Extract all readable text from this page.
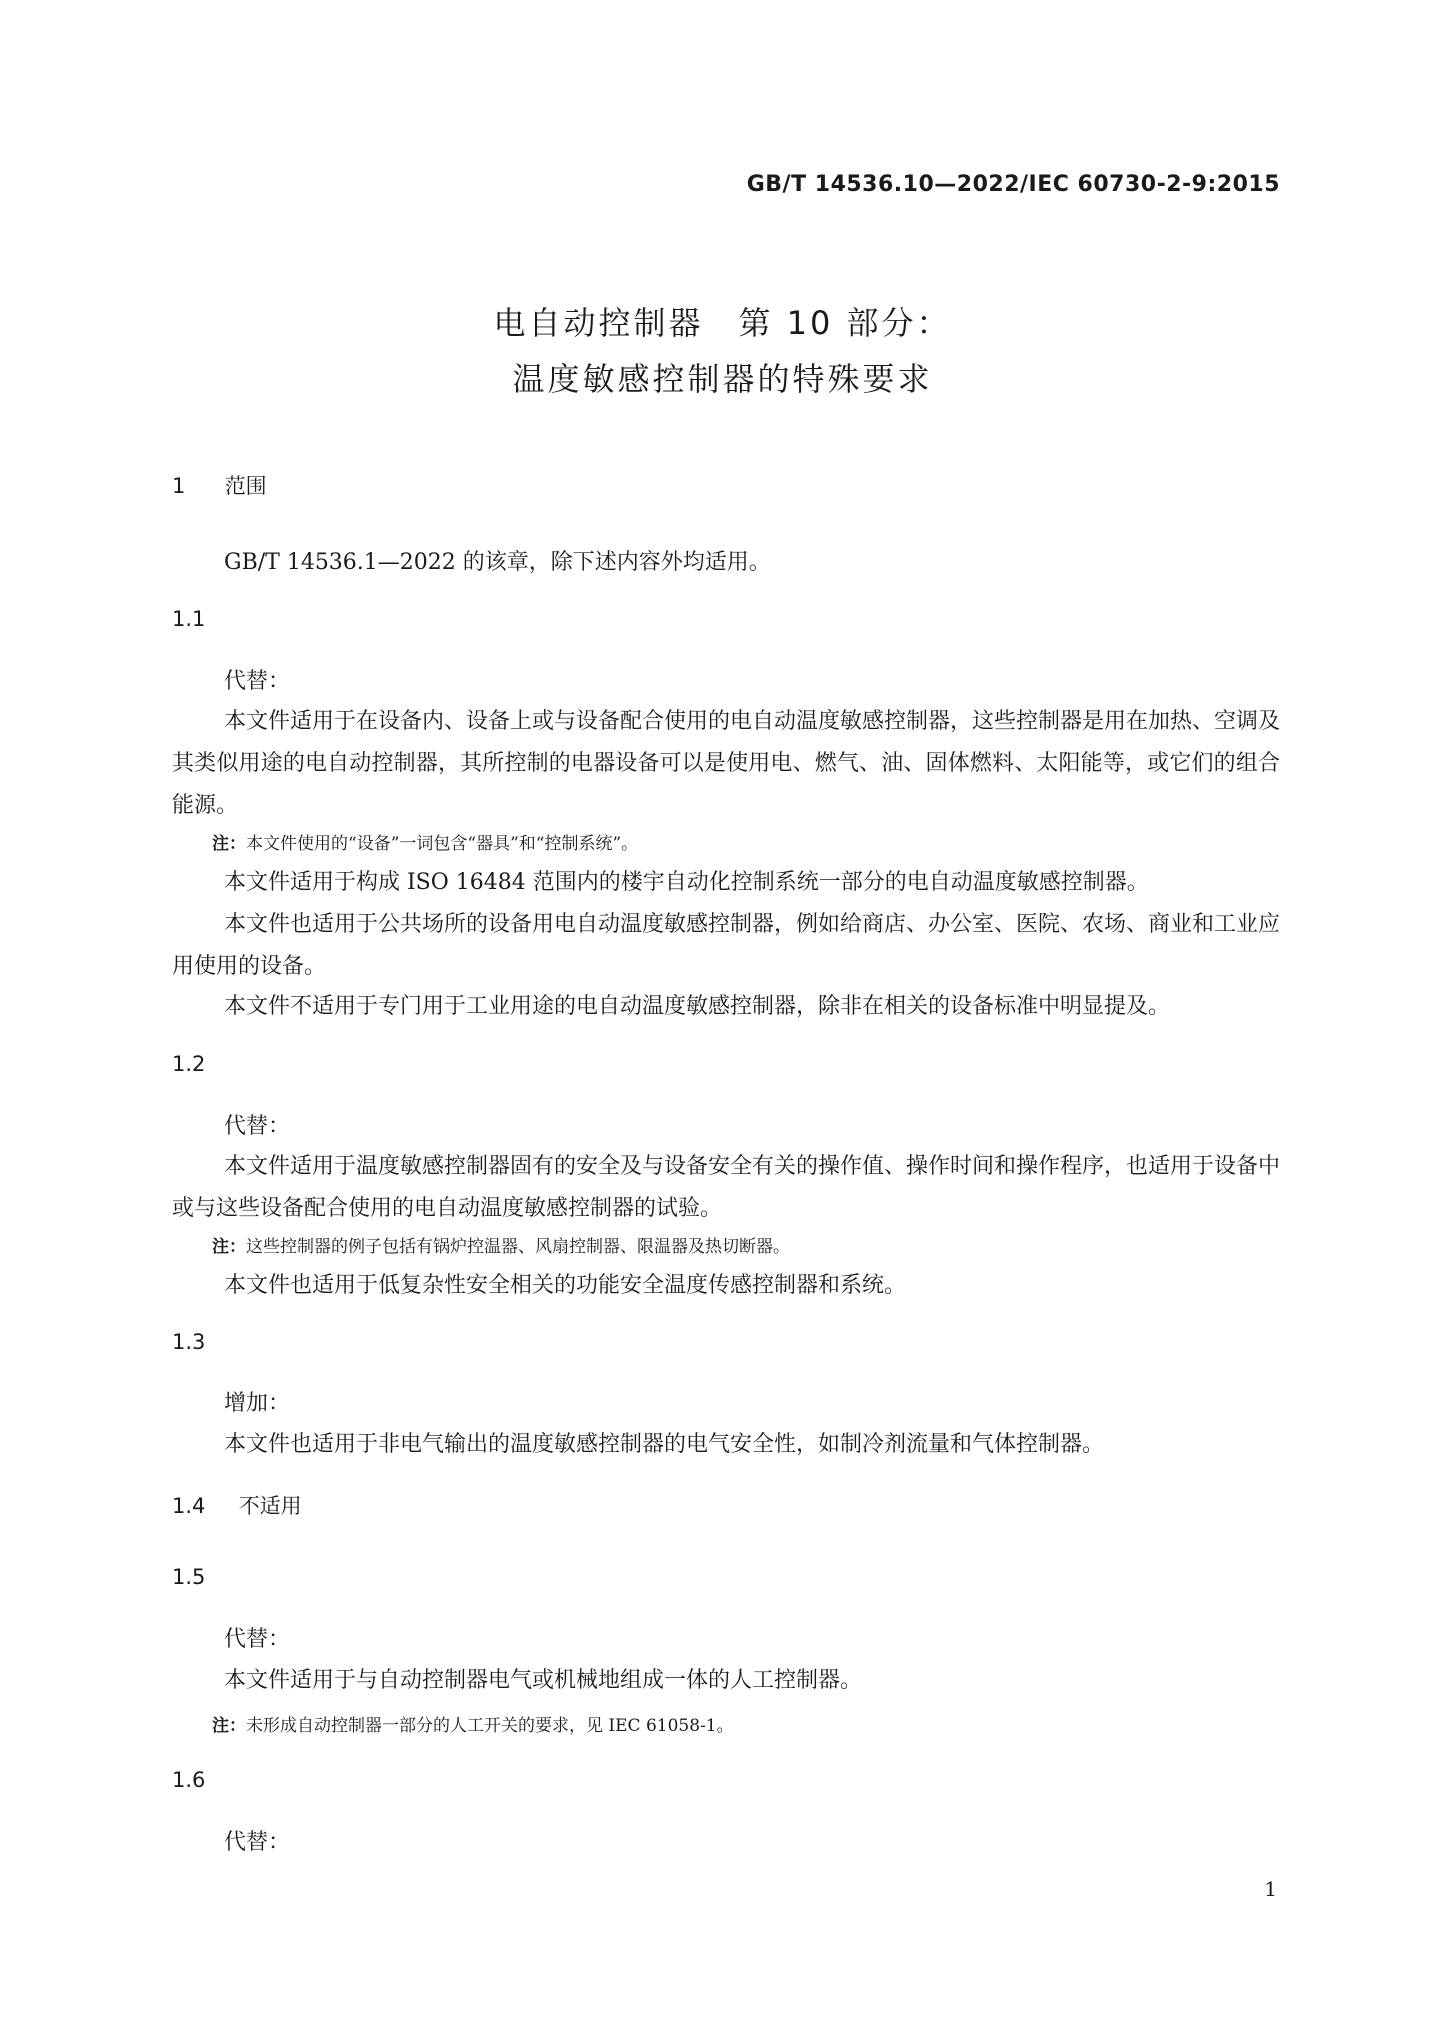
GB/T 14536.10—2022/IEC 60730-2-9:2015
电自动控制器　第 10 部分：
温度敏感控制器的特殊要求
1 范围
GB/T 14536.1—2022 的该章，除下述内容外均适用。
1.1
代替：
本文件适用于在设备内、设备上或与设备配合使用的电自动温度敏感控制器，这些控制器是用在加热、空调及其类似用途的电自动控制器，其所控制的电器设备可以是使用电、燃气、油、固体燃料、太阳能等，或它们的组合能源。
注：本文件使用的“设备”一词包含“器具”和“控制系统”。
本文件适用于构成 ISO 16484 范围内的楼宇自动化控制系统一部分的电自动温度敏感控制器。
本文件也适用于公共场所的设备用电自动温度敏感控制器，例如给商店、办公室、医院、农场、商业和工业应用使用的设备。
本文件不适用于专门用于工业用途的电自动温度敏感控制器，除非在相关的设备标准中明显提及。
1.2
代替：
本文件适用于温度敏感控制器固有的安全及与设备安全有关的操作值、操作时间和操作程序，也适用于设备中或与这些设备配合使用的电自动温度敏感控制器的试验。
注：这些控制器的例子包括有锅炉控温器、风扇控制器、限温器及热切断器。
本文件也适用于低复杂性安全相关的功能安全温度传感控制器和系统。
1.3
增加：
本文件也适用于非电气输出的温度敏感控制器的电气安全性，如制冷剂流量和气体控制器。
1.4 不适用
1.5
代替：
本文件适用于与自动控制器电气或机械地组成一体的人工控制器。
注：未形成自动控制器一部分的人工开关的要求，见 IEC 61058-1。
1.6
代替：
1
